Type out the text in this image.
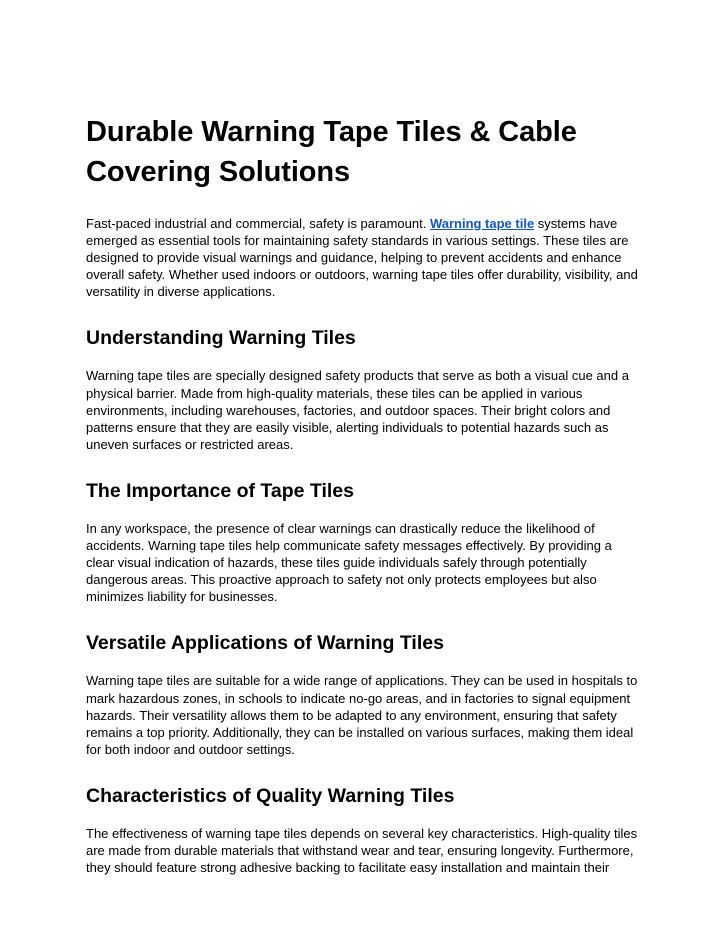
Durable Warning Tape Tiles & Cable Covering Solutions

Fast-paced industrial and commercial, safety is paramount. Warning tape tile systems have emerged as essential tools for maintaining safety standards in various settings. These tiles are designed to provide visual warnings and guidance, helping to prevent accidents and enhance overall safety. Whether used indoors or outdoors, warning tape tiles offer durability, visibility, and versatility in diverse applications.

Understanding Warning Tiles

Warning tape tiles are specially designed safety products that serve as both a visual cue and a physical barrier. Made from high-quality materials, these tiles can be applied in various environments, including warehouses, factories, and outdoor spaces. Their bright colors and patterns ensure that they are easily visible, alerting individuals to potential hazards such as uneven surfaces or restricted areas.

The Importance of Tape Tiles

In any workspace, the presence of clear warnings can drastically reduce the likelihood of accidents. Warning tape tiles help communicate safety messages effectively. By providing a clear visual indication of hazards, these tiles guide individuals safely through potentially dangerous areas. This proactive approach to safety not only protects employees but also minimizes liability for businesses.

Versatile Applications of Warning Tiles

Warning tape tiles are suitable for a wide range of applications. They can be used in hospitals to mark hazardous zones, in schools to indicate no-go areas, and in factories to signal equipment hazards. Their versatility allows them to be adapted to any environment, ensuring that safety remains a top priority. Additionally, they can be installed on various surfaces, making them ideal for both indoor and outdoor settings.

Characteristics of Quality Warning Tiles

The effectiveness of warning tape tiles depends on several key characteristics. High-quality tiles are made from durable materials that withstand wear and tear, ensuring longevity. Furthermore, they should feature strong adhesive backing to facilitate easy installation and maintain their
